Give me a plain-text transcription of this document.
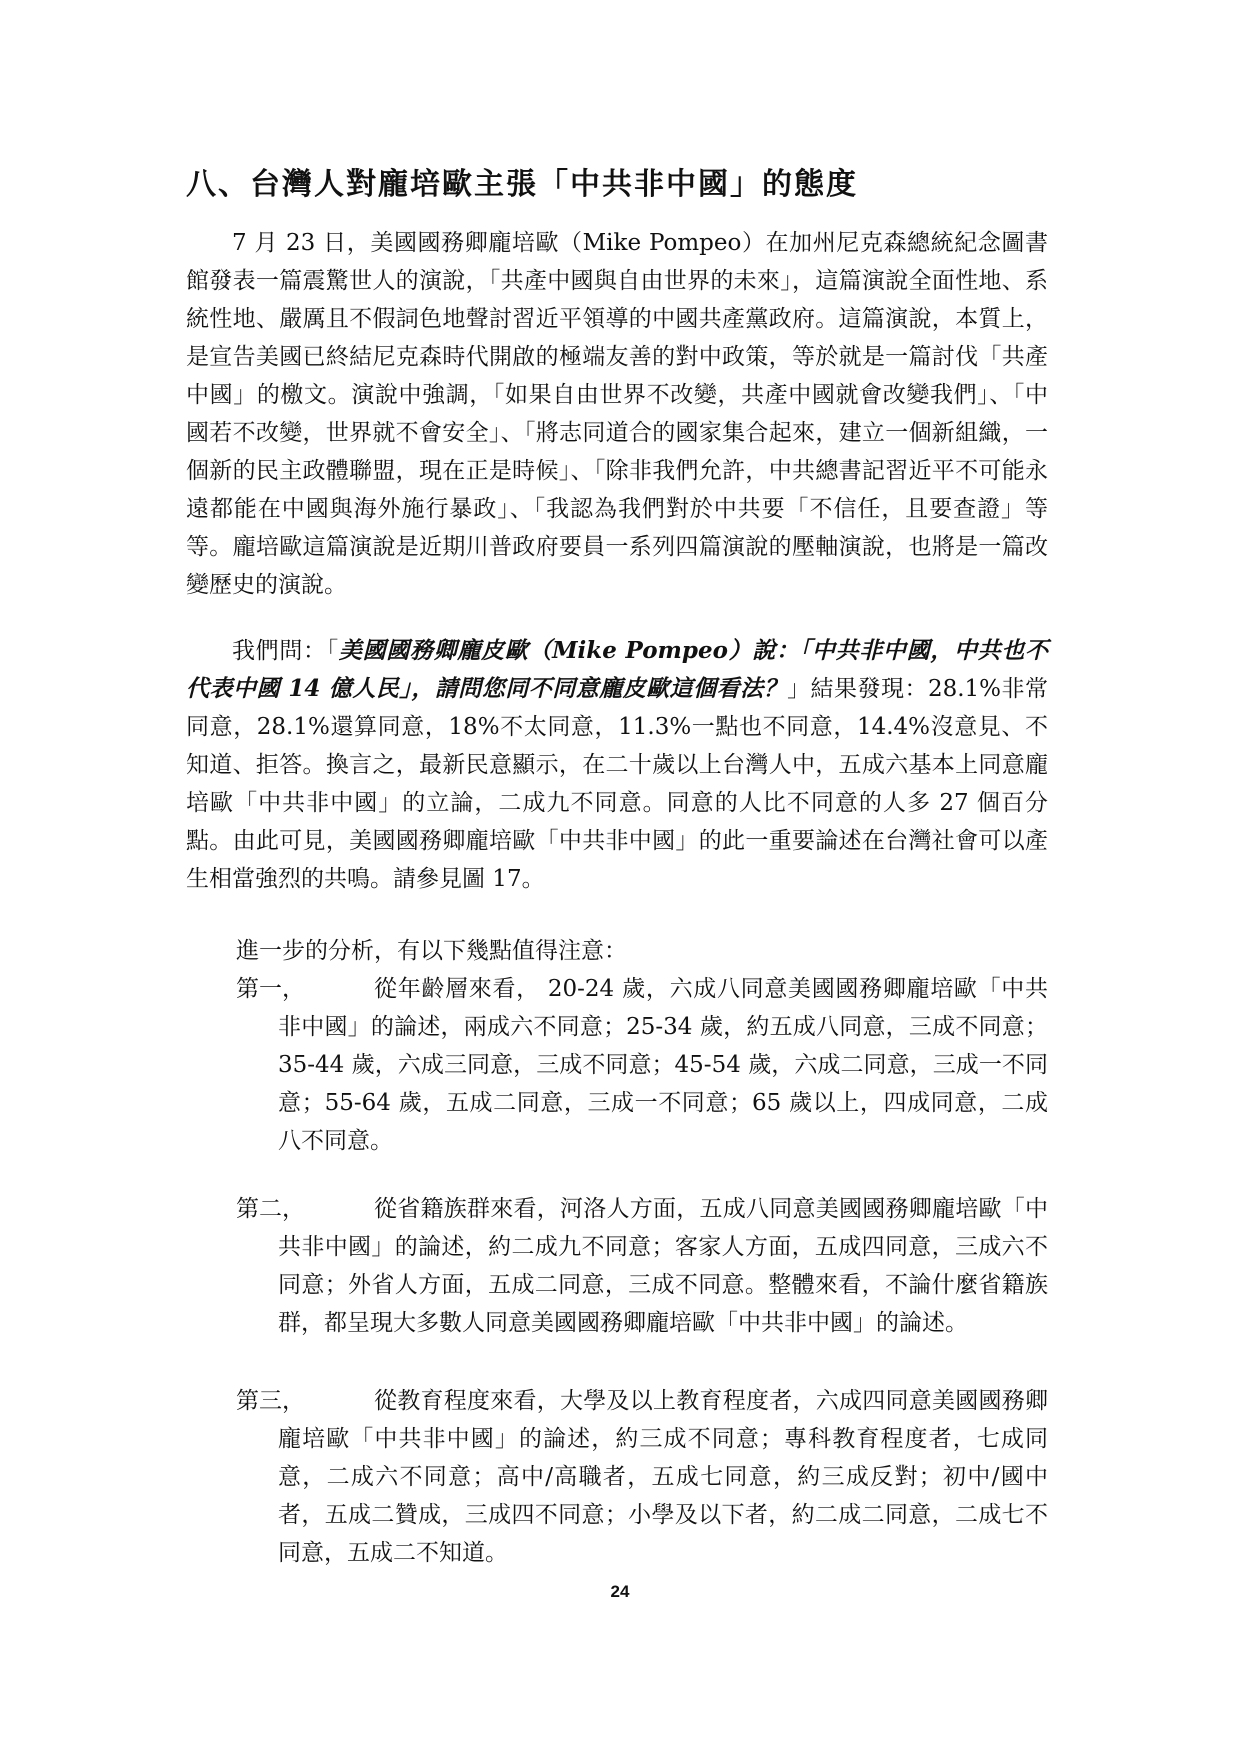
八、台灣人對龐培歐主張「中共非中國」的態度

7 月 23 日，美國國務卿龐培歐（Mike Pompeo）在加州尼克森總統紀念圖書館發表一篇震驚世人的演說，「共產中國與自由世界的未來」，這篇演說全面性地、系統性地、嚴厲且不假詞色地聲討習近平領導的中國共產黨政府。這篇演說，本質上，是宣告美國已終結尼克森時代開啟的極端友善的對中政策，等於就是一篇討伐「共產中國」的檄文。演說中強調，「如果自由世界不改變，共產中國就會改變我們」、「中國若不改變，世界就不會安全」、「將志同道合的國家集合起來，建立一個新組織，一個新的民主政體聯盟，現在正是時候」、「除非我們允許，中共總書記習近平不可能永遠都能在中國與海外施行暴政」、「我認為我們對於中共要「不信任，且要查證」等等。龐培歐這篇演說是近期川普政府要員一系列四篇演說的壓軸演說，也將是一篇改變歷史的演說。

我們問：「美國國務卿龐皮歐（Mike Pompeo）說：「中共非中國，中共也不代表中國 14 億人民」，請問您同不同意龐皮歐這個看法？」結果發現：28.1%非常同意，28.1%還算同意，18%不太同意，11.3%一點也不同意，14.4%沒意見、不知道、拒答。換言之，最新民意顯示，在二十歲以上台灣人中，五成六基本上同意龐培歐「中共非中國」的立論，二成九不同意。同意的人比不同意的人多 27 個百分點。由此可見，美國國務卿龐培歐「中共非中國」的此一重要論述在台灣社會可以產生相當強烈的共鳴。請參見圖 17。

進一步的分析，有以下幾點值得注意：

第一，	從年齡層來看， 20-24 歲，六成八同意美國國務卿龐培歐「中共非中國」的論述，兩成六不同意；25-34 歲，約五成八同意，三成不同意；35-44 歲，六成三同意，三成不同意；45-54 歲，六成二同意，三成一不同意；55-64 歲，五成二同意，三成一不同意；65 歲以上，四成同意，二成八不同意。
第二，	從省籍族群來看，河洛人方面，五成八同意美國國務卿龐培歐「中共非中國」的論述，約二成九不同意；客家人方面，五成四同意，三成六不同意；外省人方面，五成二同意，三成不同意。整體來看，不論什麼省籍族群，都呈現大多數人同意美國國務卿龐培歐「中共非中國」的論述。
第三，	從教育程度來看，大學及以上教育程度者，六成四同意美國國務卿龐培歐「中共非中國」的論述，約三成不同意；專科教育程度者，七成同意，二成六不同意；高中/高職者，五成七同意，約三成反對；初中/國中者，五成二贊成，三成四不同意；小學及以下者，約二成二同意，二成七不同意，五成二不知道。
24
